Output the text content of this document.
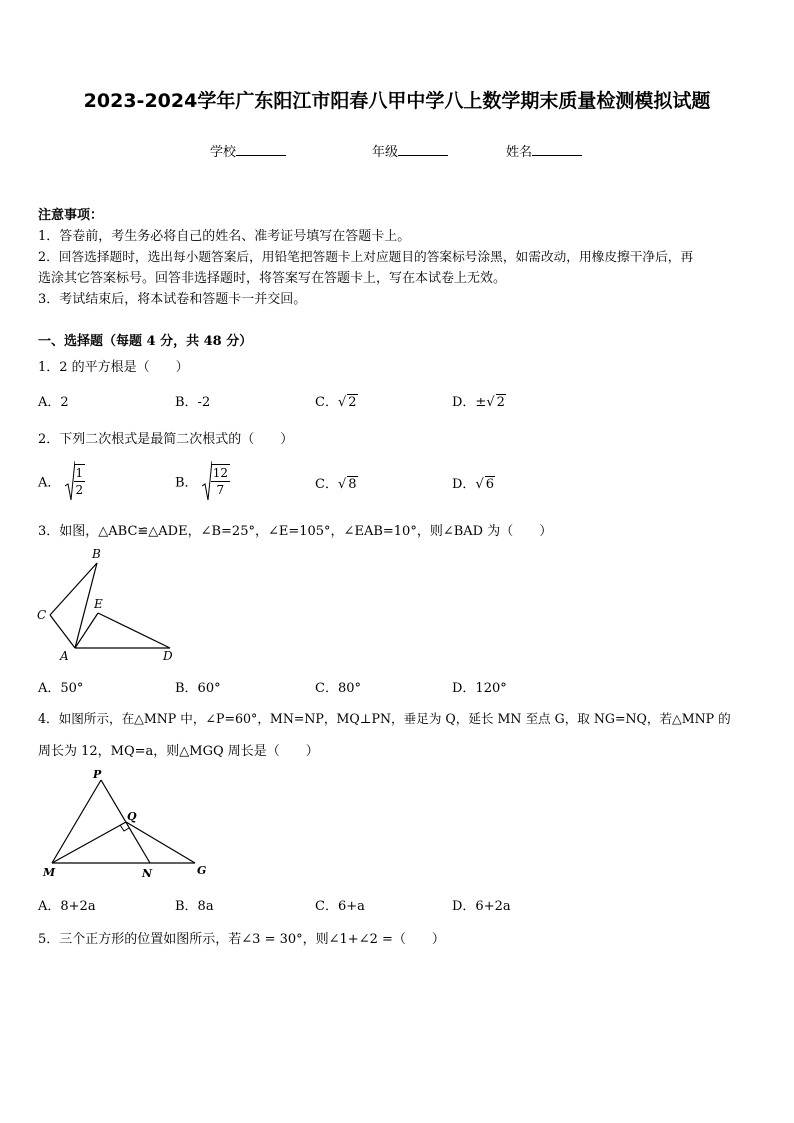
2023-2024学年广东阳江市阳春八甲中学八上数学期末质量检测模拟试题
学校	年级	姓名
注意事项：
1．答卷前，考生务必将自己的姓名、准考证号填写在答题卡上。
2．回答选择题时，选出每小题答案后，用铅笔把答题卡上对应题目的答案标号涂黑，如需改动，用橡皮擦干净后，再
选涂其它答案标号。回答非选择题时，将答案写在答题卡上，写在本试卷上无效。
3．考试结束后，将本试卷和答题卡一并交回。
一、选择题（每题 4 分，共 48 分）
1．2 的平方根是（　　）
A．2	B．-2	C．√ 2	D．±√ 2
2．下列二次根式是最简二次根式的（　　）
A． $\frac{1}{2}$	B． $\frac{12}{7}$	C．√ 8	D．√ 6
3．如图，△ABC≌△ADE，∠B=25°，∠E=105°，∠EAB=10°，则∠BAD 为（　　）
B
C
E
A	D
A．50°	B．60°	C．80°	D．120°
4．如图所示，在△MNP 中，∠P=60°，MN=NP，MQ⊥PN，垂足为 Q，延长 MN 至点 G，取 NG=NQ，若△MNP 的
周长为 12，MQ=a，则△MGQ 周长是（　　）
P
Q
M	N	G
A．8+2a	B．8a	C．6+a	D．6+2a
5．三个正方形的位置如图所示，若∠3 = 30°，则∠1+∠2 =（　　）
